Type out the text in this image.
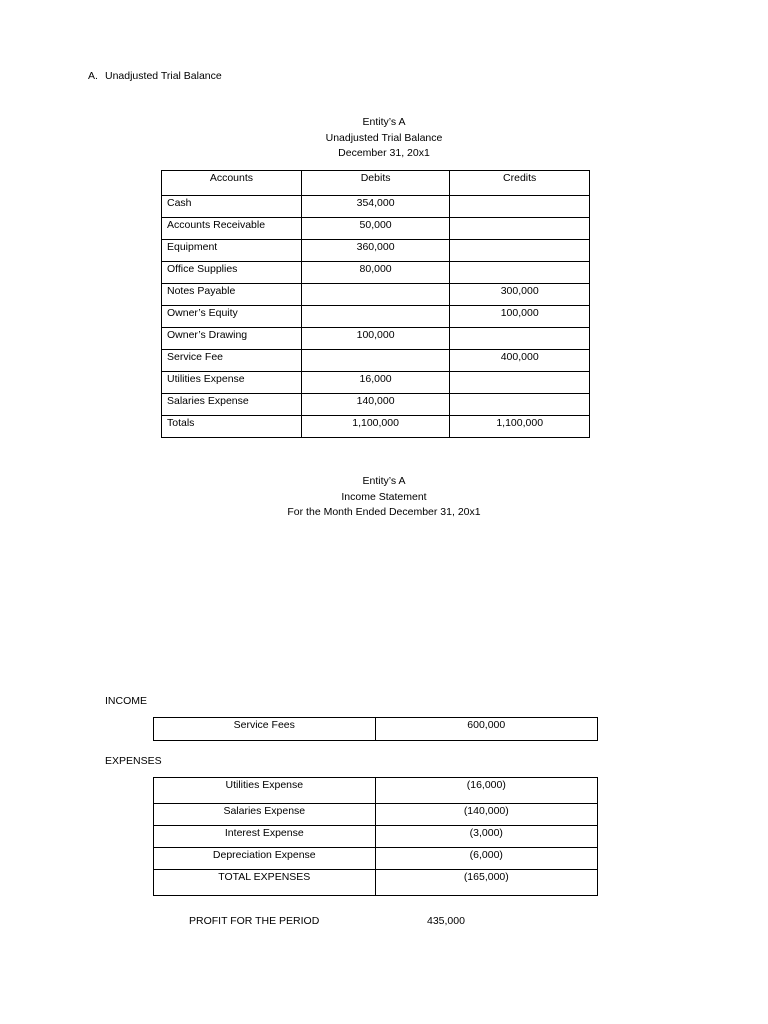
A. Unadjusted Trial Balance
Entity’s A
Unadjusted Trial Balance
December 31, 20x1
Accounts	Debits	Credits
Cash	354,000	
Accounts Receivable	50,000	
Equipment	360,000	
Office Supplies	80,000	
Notes Payable		300,000
Owner’s Equity		100,000
Owner’s Drawing	100,000	
Service Fee		400,000
Utilities Expense	16,000	
Salaries Expense	140,000	
Totals	1,100,000	1,100,000
Entity’s A
Income Statement
For the Month Ended December 31, 20x1
INCOME
Service Fees	600,000
EXPENSES
Utilities Expense	(16,000)
Salaries Expense	(140,000)
Interest Expense	(3,000)
Depreciation Expense	(6,000)
TOTAL EXPENSES	(165,000)
PROFIT FOR THE PERIOD	435,000
